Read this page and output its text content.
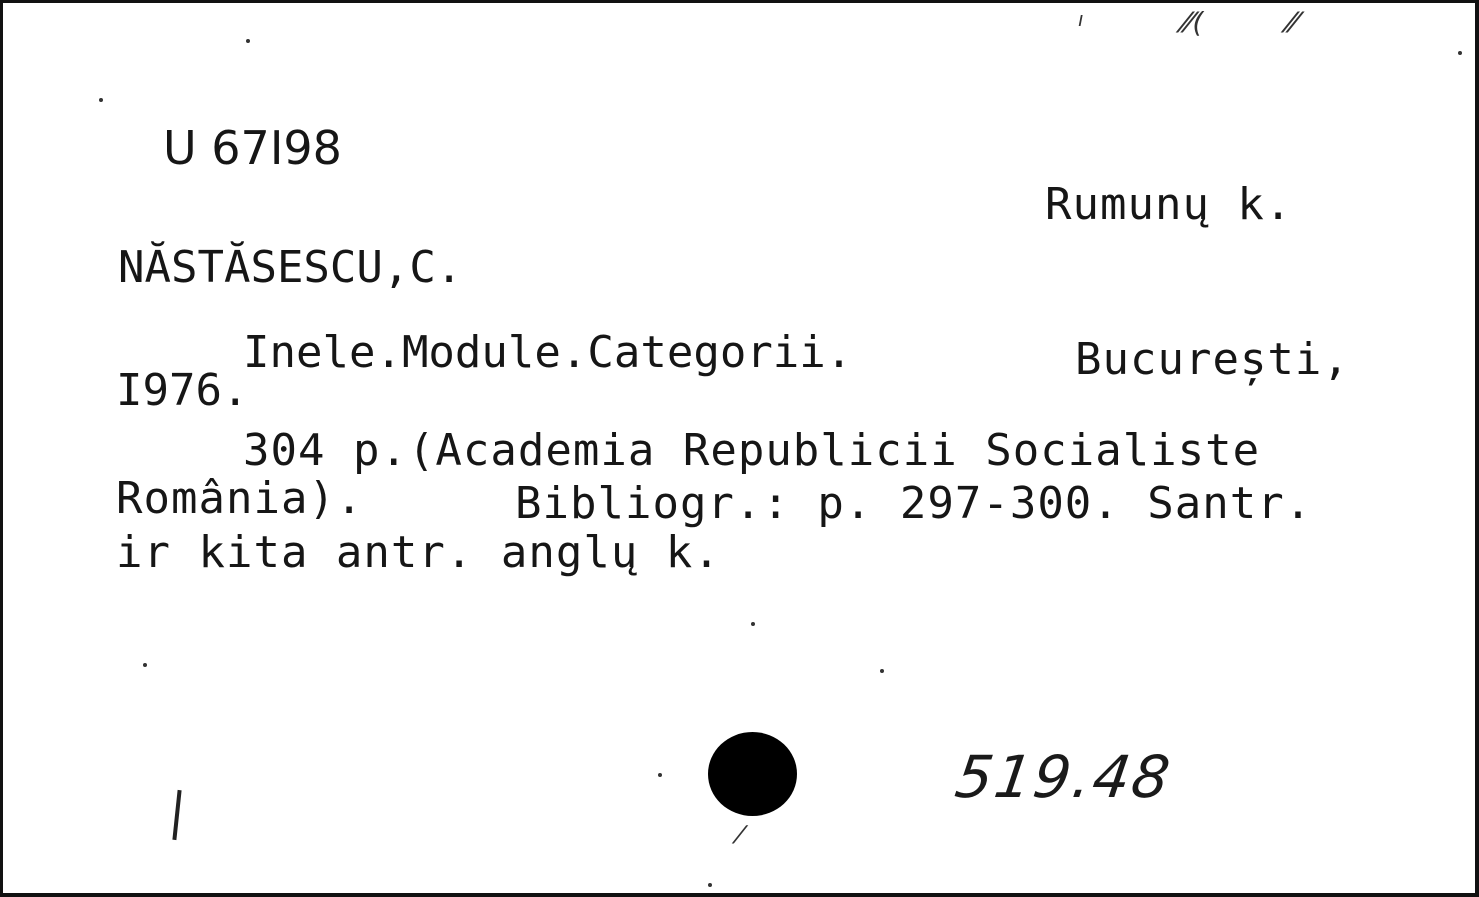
U 67I98
Rumunų k.
NĂSTĂSESCU,C.
Inele.Module.Categorii.	București,
I976.
304 p.(Academia Republicii Socialiste
România).	Bibliogr.: p. 297-300. Santr.
ir kita antr. anglų k.
519.48
⁄⁄(	⁄⁄
ı
⁄
